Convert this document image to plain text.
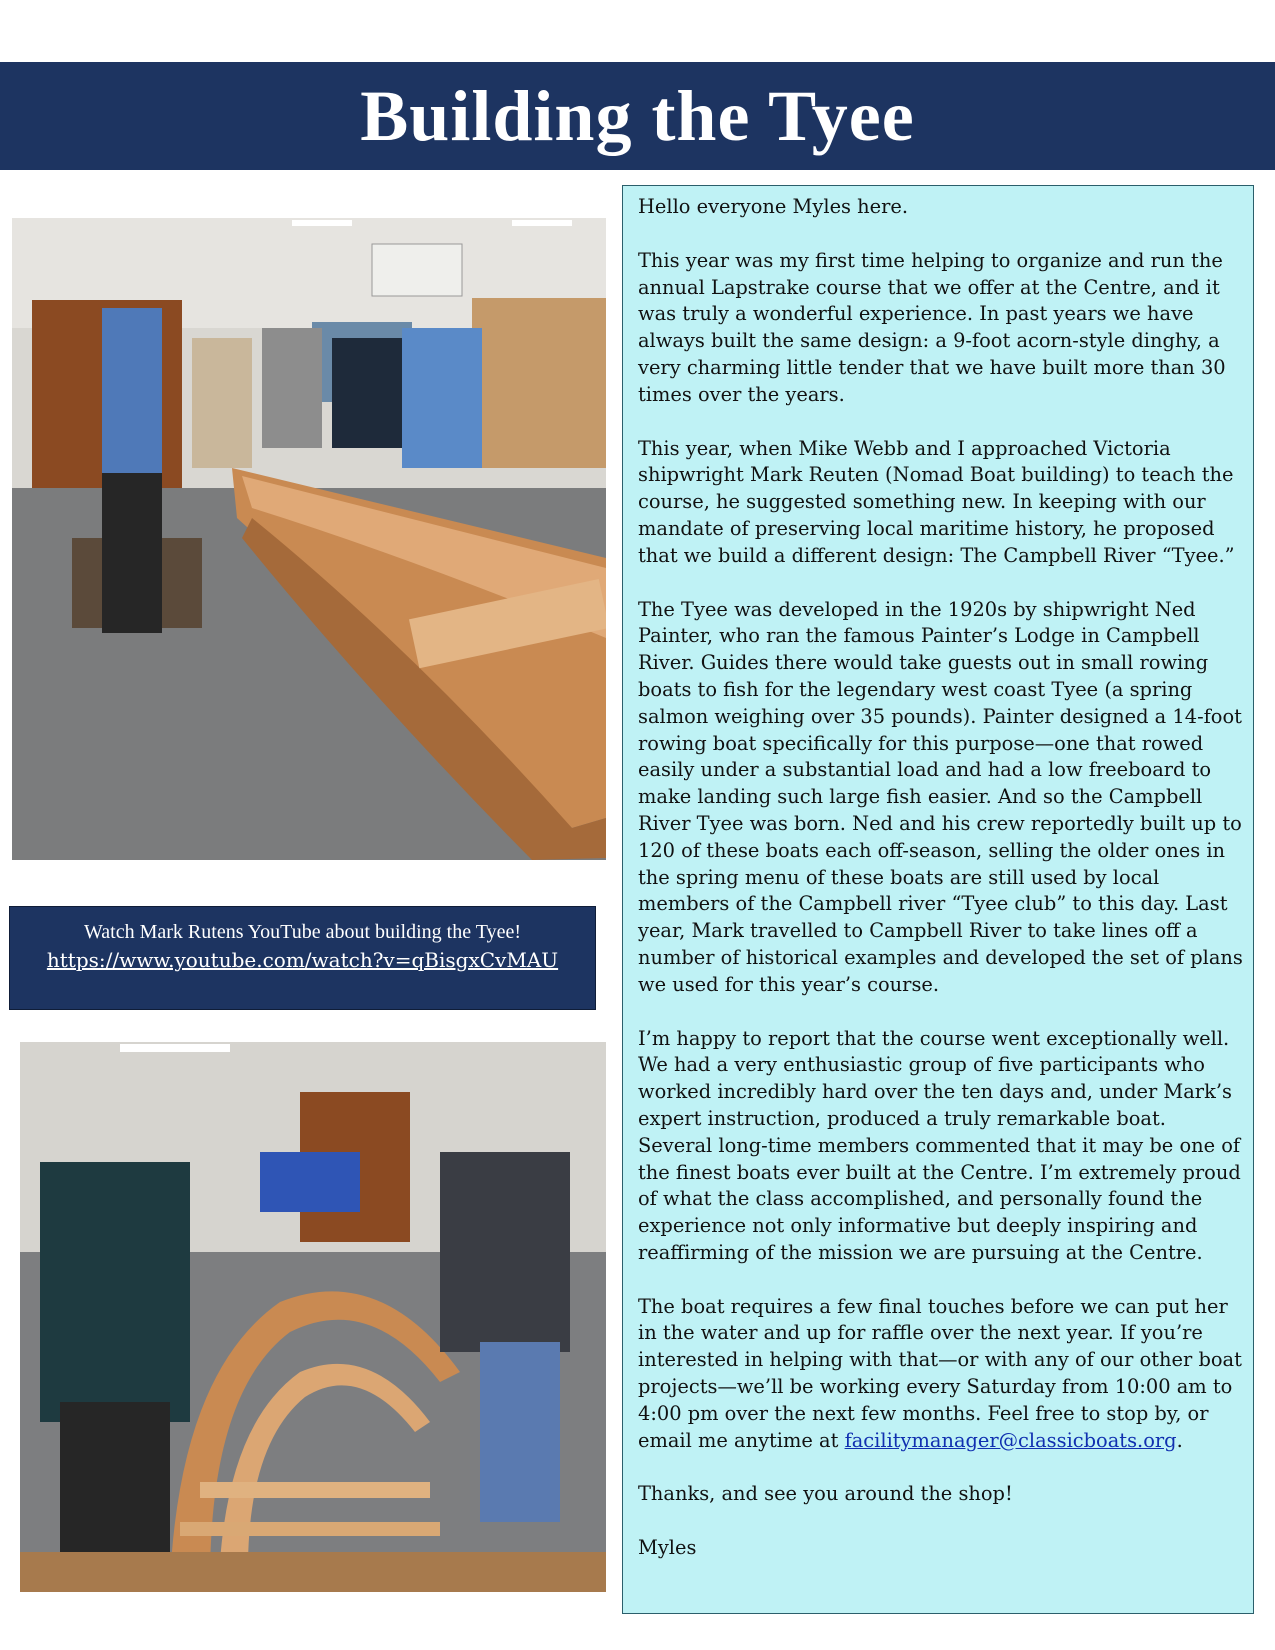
Building the Tyee
Watch Mark Rutens YouTube about building the Tyee!
https://www.youtube.com/watch?v=qBisgxCvMAU

Hello everyone Myles here.

This year was my first time helping to organize and run the annual Lapstrake course that we offer at the Centre, and it was truly a wonderful experience. In past years we have always built the same design: a 9-foot acorn-style dinghy, a very charming little tender that we have built more than 30 times over the years.

This year, when Mike Webb and I approached Victoria shipwright Mark Reuten (Nomad Boat building) to teach the course, he suggested something new. In keeping with our mandate of preserving local maritime history, he proposed that we build a different design: The Campbell River “Tyee.”

The Tyee was developed in the 1920s by shipwright Ned Painter, who ran the famous Painter’s Lodge in Campbell River. Guides there would take guests out in small rowing boats to fish for the legendary west coast Tyee (a spring salmon weighing over 35 pounds). Painter designed a 14-foot rowing boat specifically for this purpose—one that rowed easily under a substantial load and had a low freeboard to make landing such large fish easier. And so the Campbell River Tyee was born. Ned and his crew reportedly built up to 120 of these boats each off-season, selling the older ones in the spring menu of these boats are still used by local members of the Campbell river “Tyee club” to this day. Last year, Mark travelled to Campbell River to take lines off a number of historical examples and developed the set of plans we used for this year’s course.

I’m happy to report that the course went exceptionally well. We had a very enthusiastic group of five participants who worked incredibly hard over the ten days and, under Mark’s expert instruction, produced a truly remarkable boat. Several long-time members commented that it may be one of the finest boats ever built at the Centre. I’m extremely proud of what the class accomplished, and personally found the experience not only informative but deeply inspiring and reaffirming of the mission we are pursuing at the Centre.

The boat requires a few final touches before we can put her in the water and up for raffle over the next year. If you’re interested in helping with that—or with any of our other boat projects—we’ll be working every Saturday from 10:00 am to 4:00 pm over the next few months. Feel free to stop by, or email me anytime at facilitymanager@classicboats.org.

Thanks, and see you around the shop!

Myles
